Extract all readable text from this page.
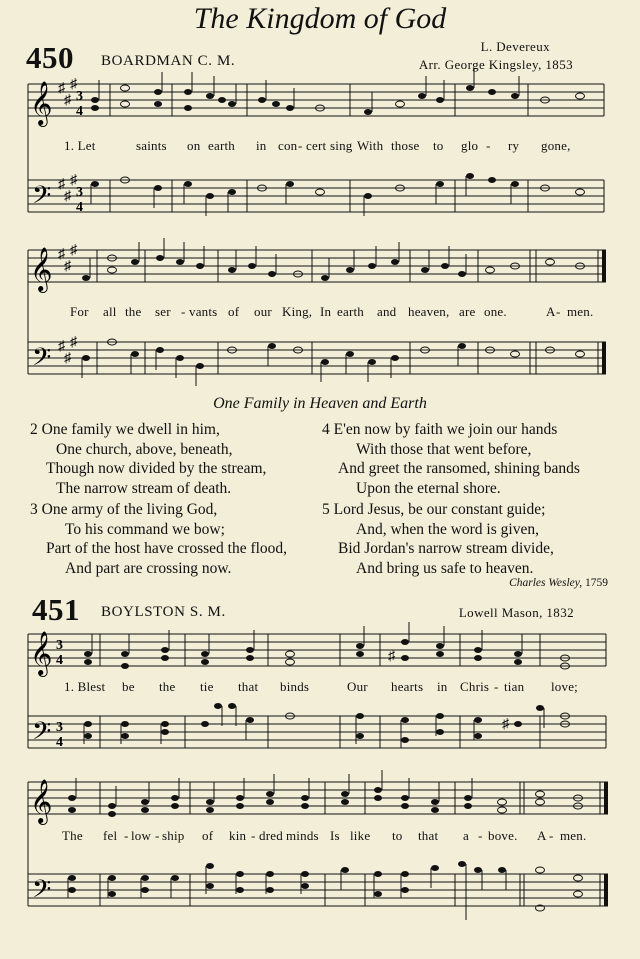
The Kingdom of God
450 BOARDMAN C. M.
L. Devereux
Arr. George Kingsley, 1853
𝄞
𝄢
♯
♯
♯
♯
♯
♯
3
4
3
4
1. Let	saints on earth in con - cert sing With those to glo - ry gone,
𝄞
𝄢
♯
♯
♯
♯
♯
♯
For all the ser - vants of our King, In earth and heaven, are one.	A - men.
One Family in Heaven and Earth
2 One family we dwell in him,
One church, above, beneath,
Though now divided by the stream,
The narrow stream of death.
3 One army of the living God,
To his command we bow;
Part of the host have crossed the flood,
And part are crossing now.
4 E'en now by faith we join our hands
With those that went before,
And greet the ransomed, shining bands
Upon the eternal shore.
5 Lord Jesus, be our constant guide;
And, when the word is given,
Bid Jordan's narrow stream divide,
And bring us safe to heaven.
Charles Wesley, 1759
451 BOYLSTON S. M.	Lowell Mason, 1832
𝄞
𝄢
3
4
3
4
♯
♯
1. Blest be the tie that binds	Our hearts in Chris - tian love;
𝄞
𝄢
The fel - low - ship of kin - dred minds Is like to that a - bove. A - men.
